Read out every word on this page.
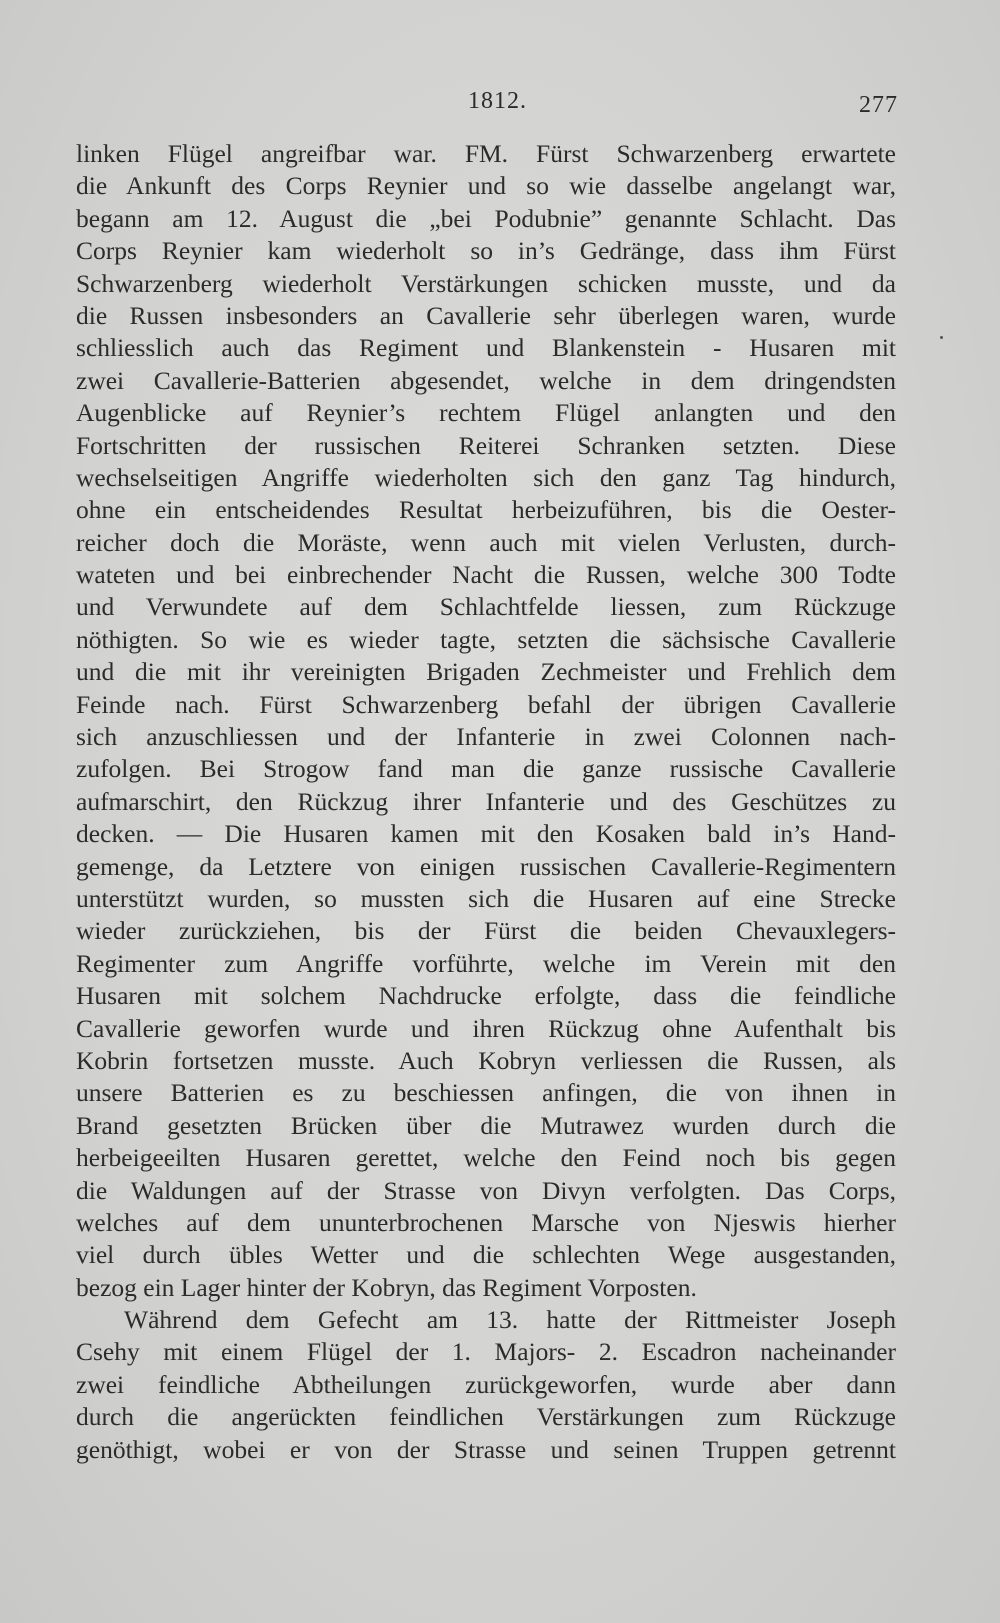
1812.	277
linken Flügel angreifbar war. FM. Fürst Schwarzenberg erwartete
die Ankunft des Corps Reynier und so wie dasselbe angelangt war,
begann am 12. August die „bei Podubnie” genannte Schlacht. Das
Corps Reynier kam wiederholt so in’s Gedränge, dass ihm Fürst
Schwarzenberg wiederholt Verstärkungen schicken musste, und da
die Russen insbesonders an Cavallerie sehr überlegen waren, wurde
schliesslich auch das Regiment und Blankenstein - Husaren mit
zwei Cavallerie-Batterien abgesendet, welche in dem dringendsten
Augenblicke auf Reynier’s rechtem Flügel anlangten und den
Fortschritten der russischen Reiterei Schranken setzten. Diese
wechselseitigen Angriffe wiederholten sich den ganz Tag hindurch,
ohne ein entscheidendes Resultat herbeizuführen, bis die Oester-
reicher doch die Moräste, wenn auch mit vielen Verlusten, durch-
wateten und bei einbrechender Nacht die Russen, welche 300 Todte
und Verwundete auf dem Schlachtfelde liessen, zum Rückzuge
nöthigten. So wie es wieder tagte, setzten die sächsische Cavallerie
und die mit ihr vereinigten Brigaden Zechmeister und Frehlich dem
Feinde nach. Fürst Schwarzenberg befahl der übrigen Cavallerie
sich anzuschliessen und der Infanterie in zwei Colonnen nach-
zufolgen. Bei Strogow fand man die ganze russische Cavallerie
aufmarschirt, den Rückzug ihrer Infanterie und des Geschützes zu
decken. — Die Husaren kamen mit den Kosaken bald in’s Hand-
gemenge, da Letztere von einigen russischen Cavallerie-Regimentern
unterstützt wurden, so mussten sich die Husaren auf eine Strecke
wieder zurückziehen, bis der Fürst die beiden Chevauxlegers-
Regimenter zum Angriffe vorführte, welche im Verein mit den
Husaren mit solchem Nachdrucke erfolgte, dass die feindliche
Cavallerie geworfen wurde und ihren Rückzug ohne Aufenthalt bis
Kobrin fortsetzen musste. Auch Kobryn verliessen die Russen, als
unsere Batterien es zu beschiessen anfingen, die von ihnen in
Brand gesetzten Brücken über die Mutrawez wurden durch die
herbeigeeilten Husaren gerettet, welche den Feind noch bis gegen
die Waldungen auf der Strasse von Divyn verfolgten. Das Corps,
welches auf dem ununterbrochenen Marsche von Njeswis hierher
viel durch übles Wetter und die schlechten Wege ausgestanden,
bezog ein Lager hinter der Kobryn, das Regiment Vorposten.
Während dem Gefecht am 13. hatte der Rittmeister Joseph
Csehy mit einem Flügel der 1. Majors- 2. Escadron nacheinander
zwei feindliche Abtheilungen zurückgeworfen, wurde aber dann
durch die angerückten feindlichen Verstärkungen zum Rückzuge
genöthigt, wobei er von der Strasse und seinen Truppen getrennt
